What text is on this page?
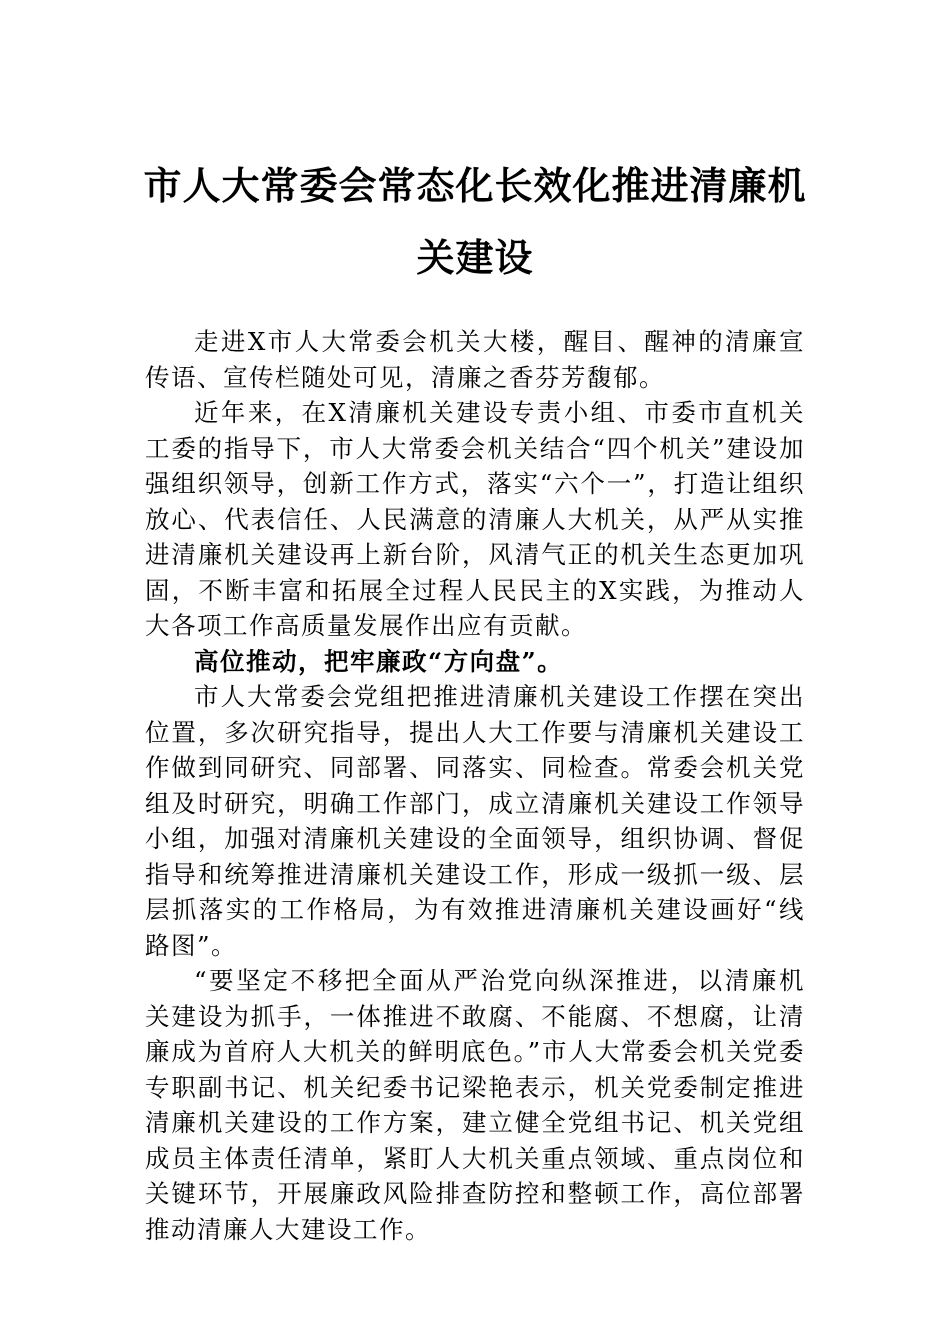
市人大常委会常态化长效化推进清廉机关建设

走进X市人大常委会机关大楼，醒目、醒神的清廉宣传语、宣传栏随处可见，清廉之香芬芳馥郁。

近年来，在X清廉机关建设专责小组、市委市直机关工委的指导下，市人大常委会机关结合“四个机关”建设加强组织领导，创新工作方式，落实“六个一”，打造让组织放心、代表信任、人民满意的清廉人大机关，从严从实推进清廉机关建设再上新台阶，风清气正的机关生态更加巩固，不断丰富和拓展全过程人民民主的X实践，为推动人大各项工作高质量发展作出应有贡献。

高位推动，把牢廉政“方向盘”。

市人大常委会党组把推进清廉机关建设工作摆在突出位置，多次研究指导，提出人大工作要与清廉机关建设工作做到同研究、同部署、同落实、同检查。常委会机关党组及时研究，明确工作部门，成立清廉机关建设工作领导小组，加强对清廉机关建设的全面领导，组织协调、督促指导和统筹推进清廉机关建设工作，形成一级抓一级、层层抓落实的工作格局，为有效推进清廉机关建设画好“线路图”。

“要坚定不移把全面从严治党向纵深推进，以清廉机关建设为抓手，一体推进不敢腐、不能腐、不想腐，让清廉成为首府人大机关的鲜明底色。”市人大常委会机关党委专职副书记、机关纪委书记梁艳表示，机关党委制定推进清廉机关建设的工作方案，建立健全党组书记、机关党组成员主体责任清单，紧盯人大机关重点领域、重点岗位和关键环节，开展廉政风险排查防控和整顿工作，高位部署推动清廉人大建设工作。
